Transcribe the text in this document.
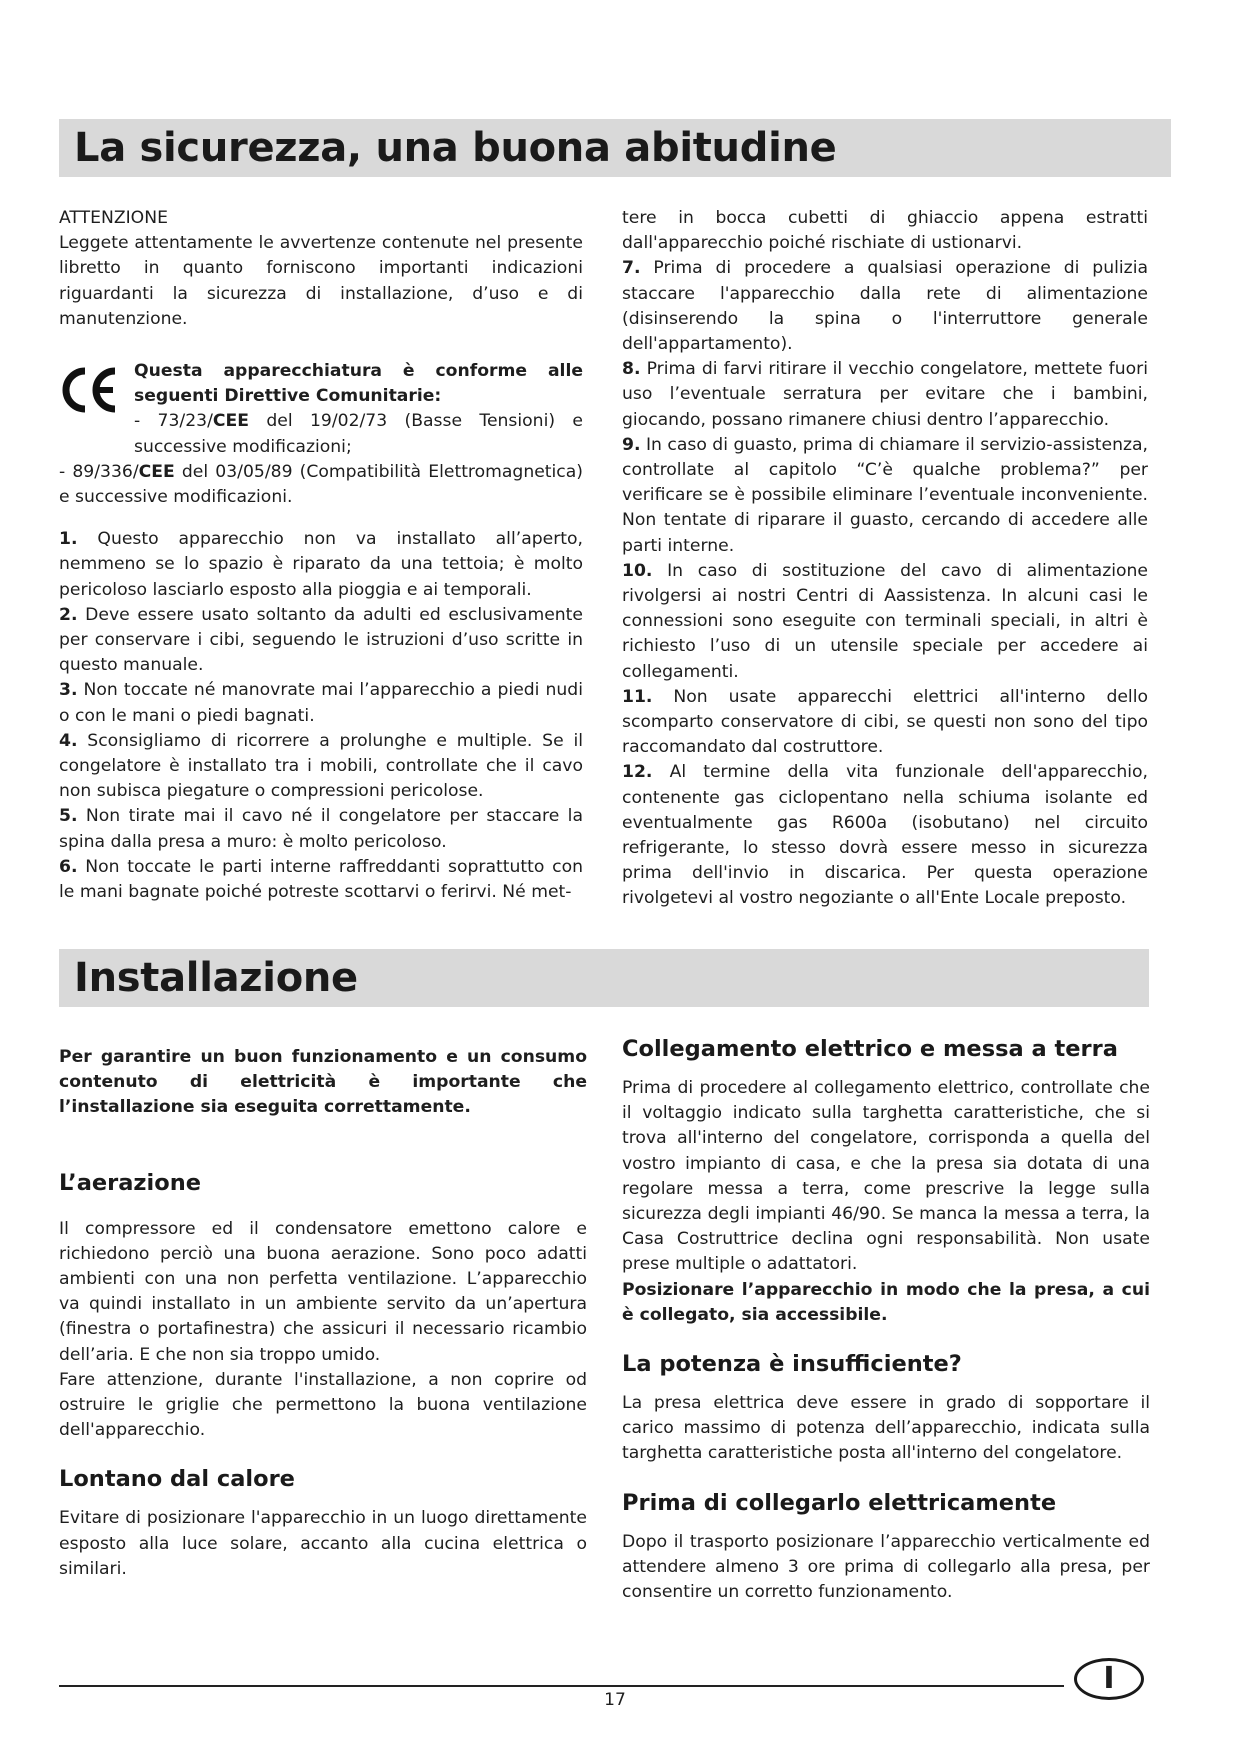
La sicurezza, una buona abitudine

ATTENZIONE

Leggete attentamente le avvertenze contenute nel presente libretto in quanto forniscono importanti indicazioni riguardanti la sicurezza di installazione, d’uso e di manutenzione.

Questa apparecchiatura è conforme alle seguenti Direttive Comunitarie:

- 73/23/CEE del 19/02/73 (Basse Tensioni) e successive modificazioni;

- 89/336/CEE del 03/05/89 (Compatibilità Elettromagnetica) e successive modificazioni.

1. Questo apparecchio non va installato all’aperto, nemmeno se lo spazio è riparato da una tettoia; è molto pericoloso lasciarlo esposto alla pioggia e ai temporali.

2. Deve essere usato soltanto da adulti ed esclusivamente per conservare i cibi, seguendo le istruzioni d’uso scritte in questo manuale.

3. Non toccate né manovrate mai l’apparecchio a piedi nudi o con le mani o piedi bagnati.

4. Sconsigliamo di ricorrere a prolunghe e multiple. Se il congelatore è installato tra i mobili, controllate che il cavo non subisca piegature o compressioni pericolose.

5. Non tirate mai il cavo né il congelatore per staccare la spina dalla presa a muro: è molto pericoloso.

6. Non toccate le parti interne raffreddanti soprattutto con le mani bagnate poiché potreste scottarvi o ferirvi. Né met-

tere in bocca cubetti di ghiaccio appena estratti dall'apparecchio poiché rischiate di ustionarvi.

7. Prima di procedere a qualsiasi operazione di pulizia staccare l'apparecchio dalla rete di alimentazione (disinserendo la spina o l'interruttore generale dell'appartamento).

8. Prima di farvi ritirare il vecchio congelatore, mettete fuori uso l’eventuale serratura per evitare che i bambini, giocando, possano rimanere chiusi dentro l’apparecchio.

9. In caso di guasto, prima di chiamare il servizio-assistenza, controllate al capitolo “C’è qualche problema?” per verificare se è possibile eliminare l’eventuale inconveniente. Non tentate di riparare il guasto, cercando di accedere alle parti interne.

10. In caso di sostituzione del cavo di alimentazione rivolgersi ai nostri Centri di Aassistenza. In alcuni casi le connessioni sono eseguite con terminali speciali, in altri è richiesto l’uso di un utensile speciale per accedere ai collegamenti.

11. Non usate apparecchi elettrici all'interno dello scomparto conservatore di cibi, se questi non sono del tipo raccomandato dal costruttore.

12. Al termine della vita funzionale dell'apparecchio, contenente gas ciclopentano nella schiuma isolante ed eventualmente gas R600a (isobutano) nel circuito refrigerante, lo stesso dovrà essere messo in sicurezza prima dell'invio in discarica. Per questa operazione rivolgetevi al vostro negoziante o all'Ente Locale preposto.

Installazione

Per garantire un buon funzionamento e un consumo contenuto di elettricità è importante che l’installazione sia eseguita correttamente.

L’aerazione

Il compressore ed il condensatore emettono calore e richiedono perciò una buona aerazione. Sono poco adatti ambienti con una non perfetta ventilazione. L’apparecchio va quindi installato in un ambiente servito da un’apertura (finestra o portafinestra) che assicuri il necessario ricambio dell’aria. E che non sia troppo umido.

Fare attenzione, durante l'installazione, a non coprire od ostruire le griglie che permettono la buona ventilazione dell'apparecchio.

Lontano dal calore

Evitare di posizionare l'apparecchio in un luogo direttamente esposto alla luce solare, accanto alla cucina elettrica o similari.

Collegamento elettrico e messa a terra

Prima di procedere al collegamento elettrico, controllate che il voltaggio indicato sulla targhetta caratteristiche, che si trova all'interno del congelatore, corrisponda a quella del vostro impianto di casa, e che la presa sia dotata di una regolare messa a terra, come prescrive la legge sulla sicurezza degli impianti 46/90. Se manca la messa a terra, la Casa Costruttrice declina ogni responsabilità. Non usate prese multiple o adattatori.

Posizionare l’apparecchio in modo che la presa, a cui è collegato, sia accessibile.

La potenza è insufficiente?

La presa elettrica deve essere in grado di sopportare il carico massimo di potenza dell’apparecchio, indicata sulla targhetta caratteristiche posta all'interno del congelatore.

Prima di collegarlo elettricamente

Dopo il trasporto posizionare l’apparecchio verticalmente ed attendere almeno 3 ore prima di collegarlo alla presa, per consentire un corretto funzionamento.

17
I
